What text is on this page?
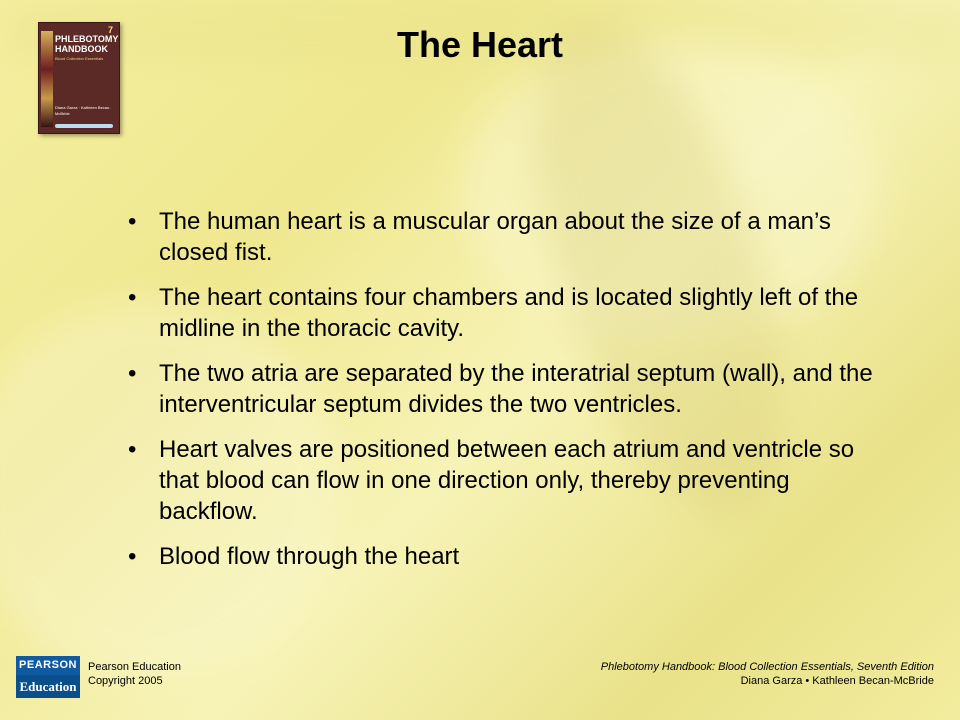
7
PHLEBOTOMY HANDBOOK
Blood Collection Essentials
Diana Garza · Kathleen Becan-McBride
The Heart
• The human heart is a muscular organ about the size of a man’s closed fist.
• The heart contains four chambers and is located slightly left of the midline in the thoracic cavity.
• The two atria are separated by the interatrial septum (wall), and the interventricular septum divides the two ventricles.
• Heart valves are positioned between each atrium and ventricle so that blood can flow in one direction only, thereby preventing backflow.
• Blood flow through the heart
PEARSON
Education
Pearson Education
Copyright 2005
Phlebotomy Handbook: Blood Collection Essentials, Seventh Edition
Diana Garza • Kathleen Becan-McBride
